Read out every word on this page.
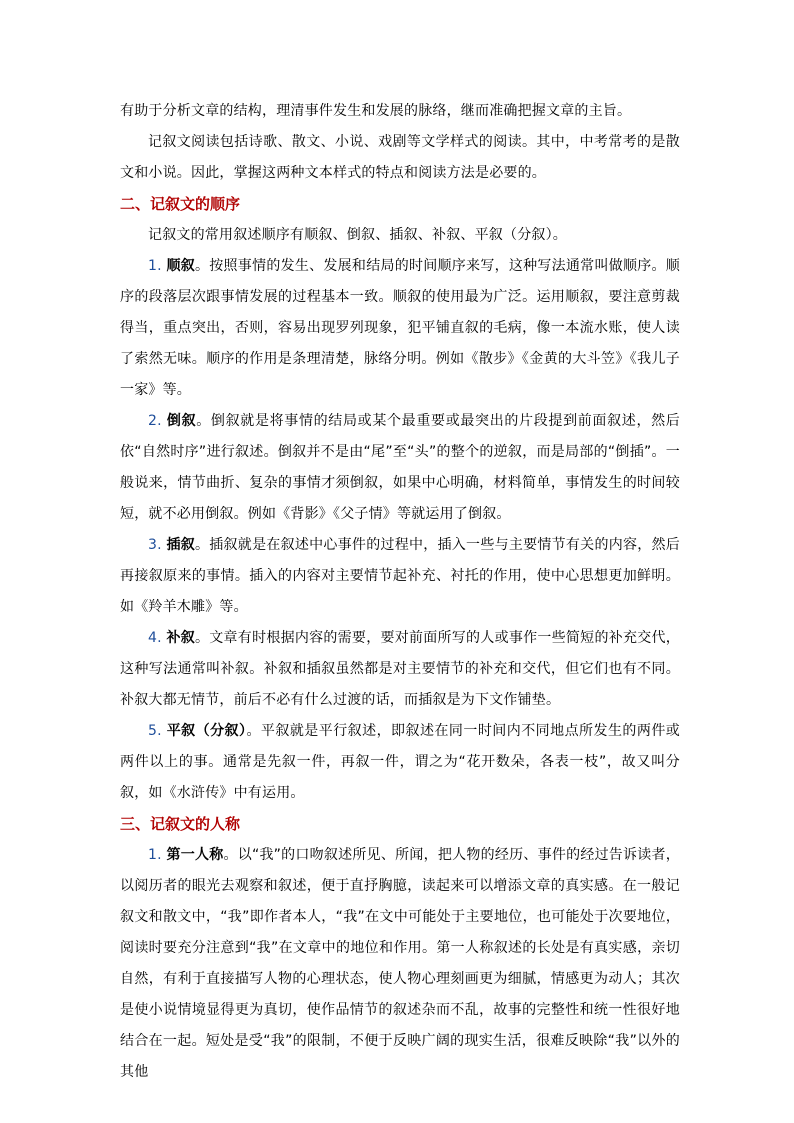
有助于分析文章的结构，理清事件发生和发展的脉络，继而准确把握文章的主旨。

记叙文阅读包括诗歌、散文、小说、戏剧等文学样式的阅读。其中，中考常考的是散文和小说。因此，掌握这两种文本样式的特点和阅读方法是必要的。

二、记叙文的顺序

记叙文的常用叙述顺序有顺叙、倒叙、插叙、补叙、平叙（分叙）。

1. 顺叙。按照事情的发生、发展和结局的时间顺序来写，这种写法通常叫做顺序。顺序的段落层次跟事情发展的过程基本一致。顺叙的使用最为广泛。运用顺叙，要注意剪裁得当，重点突出，否则，容易出现罗列现象，犯平铺直叙的毛病，像一本流水账，使人读了索然无味。顺序的作用是条理清楚，脉络分明。例如《散步》《金黄的大斗笠》《我儿子一家》等。

2. 倒叙。倒叙就是将事情的结局或某个最重要或最突出的片段提到前面叙述，然后依“自然时序”进行叙述。倒叙并不是由“尾”至“头”的整个的逆叙，而是局部的“倒插”。一般说来，情节曲折、复杂的事情才须倒叙，如果中心明确，材料简单，事情发生的时间较短，就不必用倒叙。例如《背影》《父子情》等就运用了倒叙。

3. 插叙。插叙就是在叙述中心事件的过程中，插入一些与主要情节有关的内容，然后再接叙原来的事情。插入的内容对主要情节起补充、衬托的作用，使中心思想更加鲜明。如《羚羊木雕》等。

4. 补叙。文章有时根据内容的需要，要对前面所写的人或事作一些简短的补充交代，这种写法通常叫补叙。补叙和插叙虽然都是对主要情节的补充和交代，但它们也有不同。补叙大都无情节，前后不必有什么过渡的话，而插叙是为下文作铺垫。

5. 平叙（分叙）。平叙就是平行叙述，即叙述在同一时间内不同地点所发生的两件或两件以上的事。通常是先叙一件，再叙一件，谓之为“花开数朵，各表一枝”，故又叫分叙，如《水浒传》中有运用。

三、记叙文的人称

1. 第一人称。以“我”的口吻叙述所见、所闻，把人物的经历、事件的经过告诉读者，以阅历者的眼光去观察和叙述，便于直抒胸臆，读起来可以增添文章的真实感。在一般记叙文和散文中，“我”即作者本人，“我”在文中可能处于主要地位，也可能处于次要地位，阅读时要充分注意到“我”在文章中的地位和作用。第一人称叙述的长处是有真实感，亲切自然，有利于直接描写人物的心理状态，使人物心理刻画更为细腻，情感更为动人；其次是使小说情境显得更为真切，使作品情节的叙述杂而不乱，故事的完整性和统一性很好地结合在一起。短处是受“我”的限制，不便于反映广阔的现实生活，很难反映除“我”以外的其他
